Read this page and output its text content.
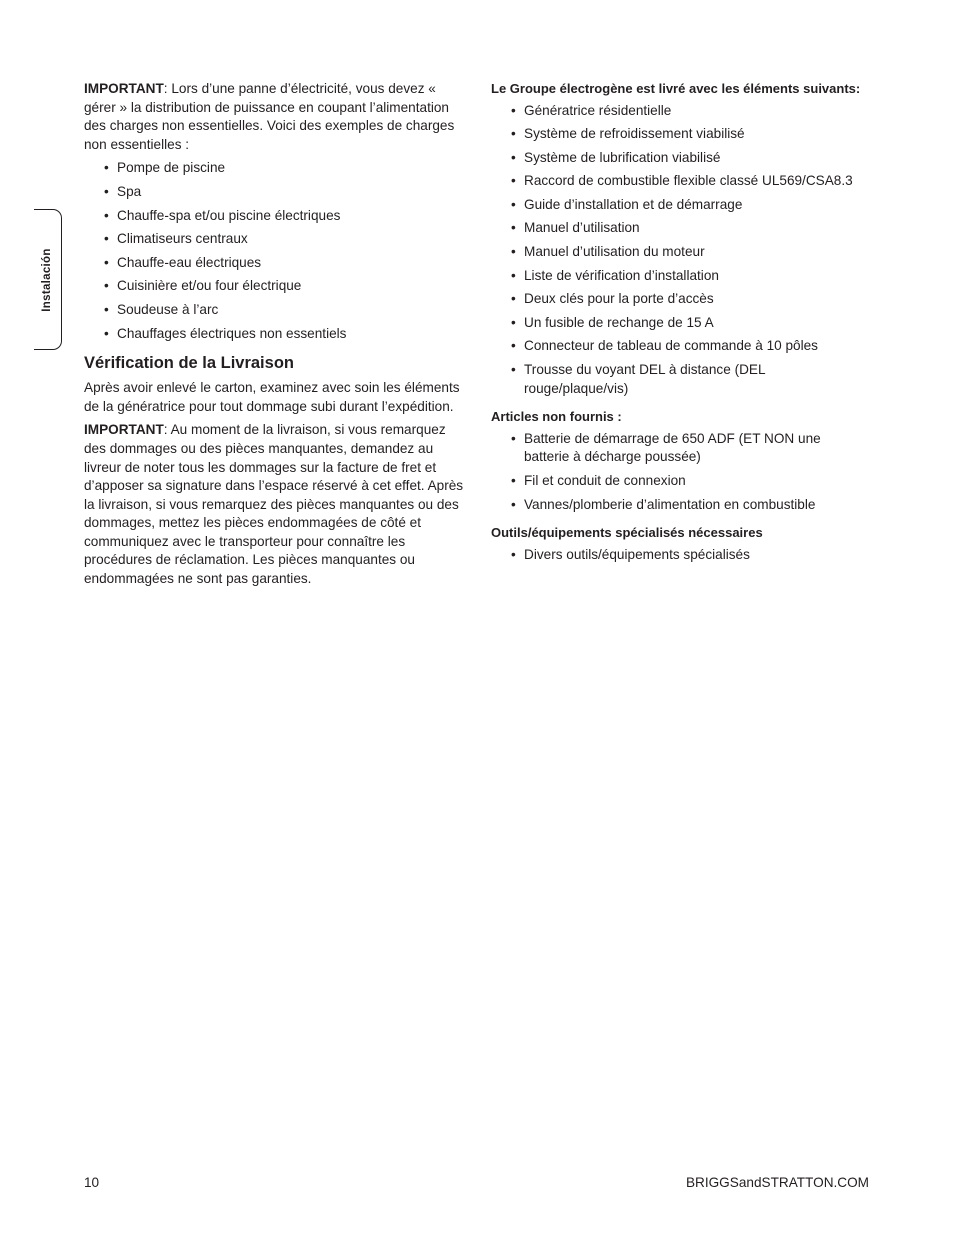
Instalación

IMPORTANT: Lors d’une panne d’électricité, vous devez « gérer » la distribution de puissance en coupant l’alimentation des charges non essentielles. Voici des exemples de charges non essentielles :

• Pompe de piscine
• Spa
• Chauffe-spa et/ou piscine électriques
• Climatiseurs centraux
• Chauffe-eau électriques
• Cuisinière et/ou four électrique
• Soudeuse à l’arc
• Chauffages électriques non essentiels

Vérification de la Livraison

Après avoir enlevé le carton, examinez avec soin les éléments de la génératrice pour tout dommage subi durant l’expédition.

IMPORTANT: Au moment de la livraison, si vous remarquez des dommages ou des pièces manquantes, demandez au livreur de noter tous les dommages sur la facture de fret et d’apposer sa signature dans l’espace réservé à cet effet. Après la livraison, si vous remarquez des pièces manquantes ou des dommages, mettez les pièces endommagées de côté et communiquez avec le transporteur pour connaître les procédures de réclamation. Les pièces manquantes ou endommagées ne sont pas garanties.

Le Groupe électrogène est livré avec les éléments suivants:

• Génératrice résidentielle
• Système de refroidissement viabilisé
• Système de lubrification viabilisé
• Raccord de combustible flexible classé UL569/CSA8.3
• Guide d’installation et de démarrage
• Manuel d’utilisation
• Manuel d’utilisation du moteur
• Liste de vérification d’installation
• Deux clés pour la porte d’accès
• Un fusible de rechange de 15 A
• Connecteur de tableau de commande à 10 pôles
• Trousse du voyant DEL à distance (DEL rouge/plaque/vis)

Articles non fournis :

• Batterie de démarrage de 650 ADF (ET NON une batterie à décharge poussée)
• Fil et conduit de connexion
• Vannes/plomberie d’alimentation en combustible

Outils/équipements spécialisés nécessaires

• Divers outils/équipements spécialisés
10	BRIGGSandSTRATTON.COM
